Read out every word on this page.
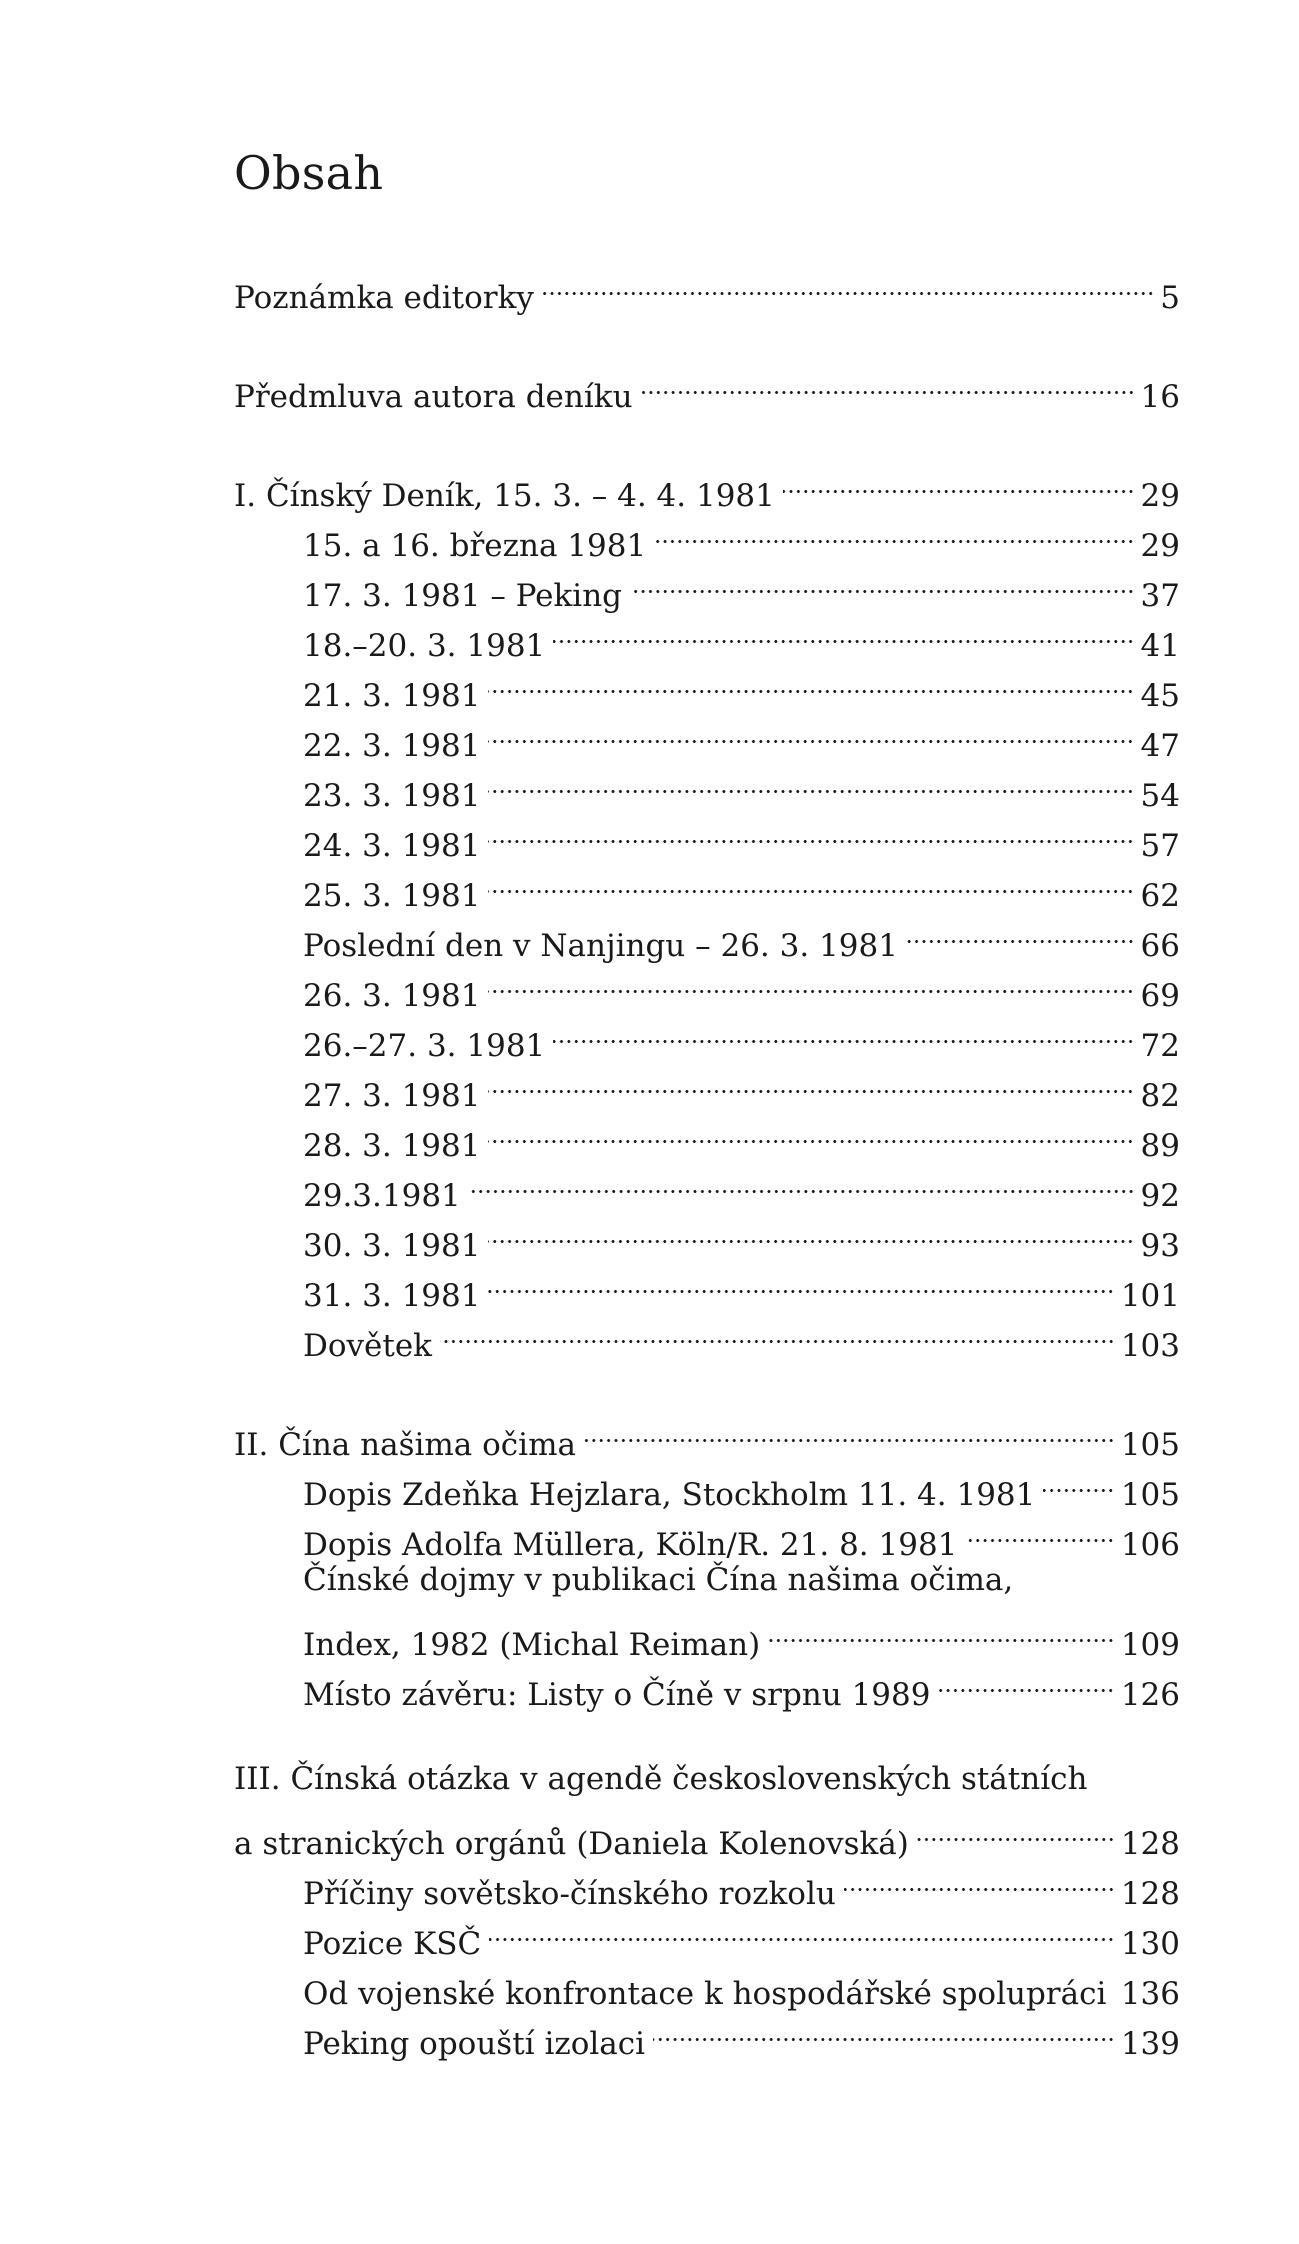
Obsah
Poznámka editorky	5
Předmluva autora deníku	16
I. Čínský Deník, 15. 3. – 4. 4. 1981	29
15. a 16. března 1981	29
17. 3. 1981 – Peking	37
18.–20. 3. 1981	41
21. 3. 1981	45
22. 3. 1981	47
23. 3. 1981	54
24. 3. 1981	57
25. 3. 1981	62
Poslední den v Nanjingu – 26. 3. 1981	66
26. 3. 1981	69
26.–27. 3. 1981	72
27. 3. 1981	82
28. 3. 1981	89
29.3.1981	92
30. 3. 1981	93
31. 3. 1981	101
Dovětek	103
II. Čína našima očima	105
Dopis Zdeňka Hejzlara, Stockholm 11. 4. 1981	105
Dopis Adolfa Müllera, Köln/R. 21. 8. 1981	106
Čínské dojmy v publikaci Čína našima očima,
Index, 1982 (Michal Reiman)	109
Místo závěru: Listy o Číně v srpnu 1989	126
III. Čínská otázka v agendě československých státních
a stranických orgánů (Daniela Kolenovská)	128
Příčiny sovětsko-čínského rozkolu	128
Pozice KSČ	130
Od vojenské konfrontace k hospodářské spolupráci 136
Peking opouští izolaci	139
